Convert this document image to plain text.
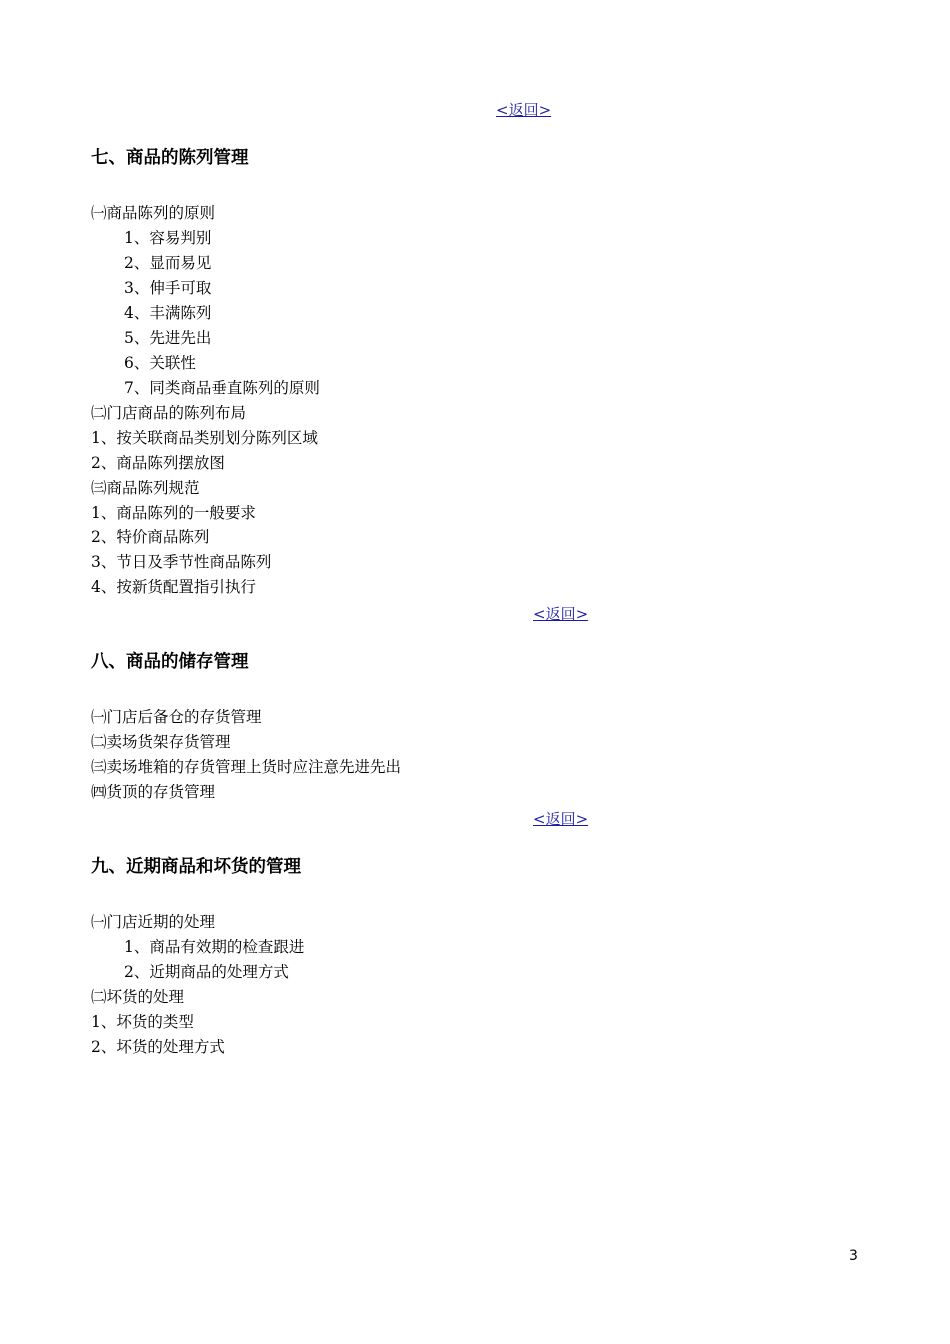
<返回>
七、商品的陈列管理
㈠商品陈列的原则
1、容易判别
2、显而易见
3、伸手可取
4、丰满陈列
5、先进先出
6、关联性
7、同类商品垂直陈列的原则
㈡门店商品的陈列布局
1、按关联商品类别划分陈列区域
2、商品陈列摆放图
㈢商品陈列规范
1、商品陈列的一般要求
2、特价商品陈列
3、节日及季节性商品陈列
4、按新货配置指引执行
<返回>
八、商品的储存管理
㈠门店后备仓的存货管理
㈡卖场货架存货管理
㈢卖场堆箱的存货管理上货时应注意先进先出
㈣货顶的存货管理
<返回>
九、近期商品和坏货的管理
㈠门店近期的处理
1、商品有效期的检查跟进
2、近期商品的处理方式
㈡坏货的处理
1、坏货的类型
2、坏货的处理方式
3
